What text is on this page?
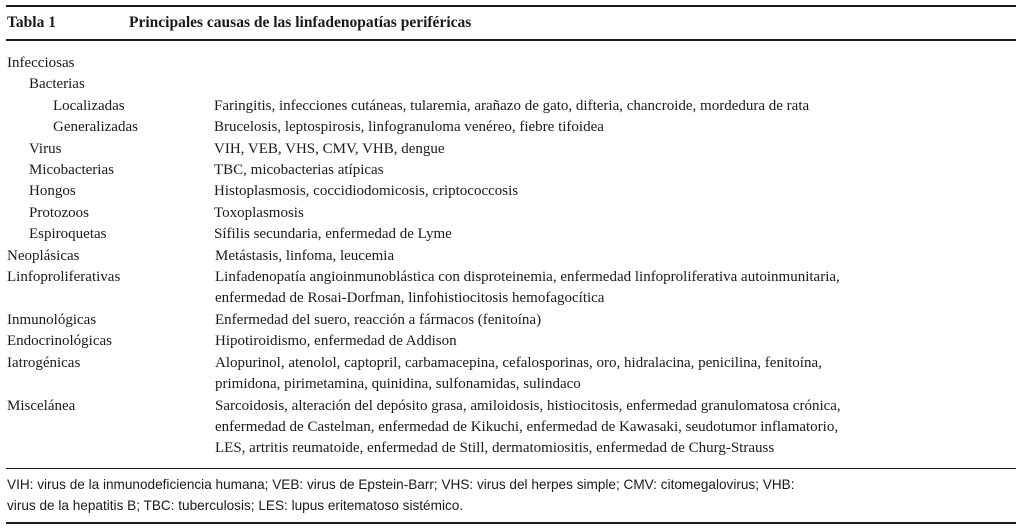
Tabla 1	Principales causas de las linfadenopatías periféricas
Infecciosas
Bacterias
Localizadas	Faringitis, infecciones cutáneas, tularemia, arañazo de gato, difteria, chancroide, mordedura de rata
Generalizadas	Brucelosis, leptospirosis, linfogranuloma venéreo, fiebre tifoidea
Virus	VIH, VEB, VHS, CMV, VHB, dengue
Micobacterias	TBC, micobacterias atípicas
Hongos	Histoplasmosis, coccidiodomicosis, criptococcosis
Protozoos	Toxoplasmosis
Espiroquetas	Sífilis secundaria, enfermedad de Lyme
Neoplásicas	Metástasis, linfoma, leucemia
Linfoproliferativas	Linfadenopatía angioinmunoblástica con disproteinemia, enfermedad linfoproliferativa autoinmunitaria,
enfermedad de Rosai-Dorfman, linfohistiocitosis hemofagocítica
Inmunológicas	Enfermedad del suero, reacción a fármacos (fenitoína)
Endocrinológicas	Hipotiroidismo, enfermedad de Addison
Iatrogénicas	Alopurinol, atenolol, captopril, carbamacepina, cefalosporinas, oro, hidralacina, penicilina, fenitoína,
primidona, pirimetamina, quinidina, sulfonamidas, sulindaco
Miscelánea	Sarcoidosis, alteración del depósito grasa, amiloidosis, histiocitosis, enfermedad granulomatosa crónica,
enfermedad de Castelman, enfermedad de Kikuchi, enfermedad de Kawasaki, seudotumor inflamatorio,
LES, artritis reumatoide, enfermedad de Still, dermatomiositis, enfermedad de Churg-Strauss
VIH: virus de la inmunodeficiencia humana; VEB: virus de Epstein-Barr; VHS: virus del herpes simple; CMV: citomegalovirus; VHB:
virus de la hepatitis B; TBC: tuberculosis; LES: lupus eritematoso sistémico.
